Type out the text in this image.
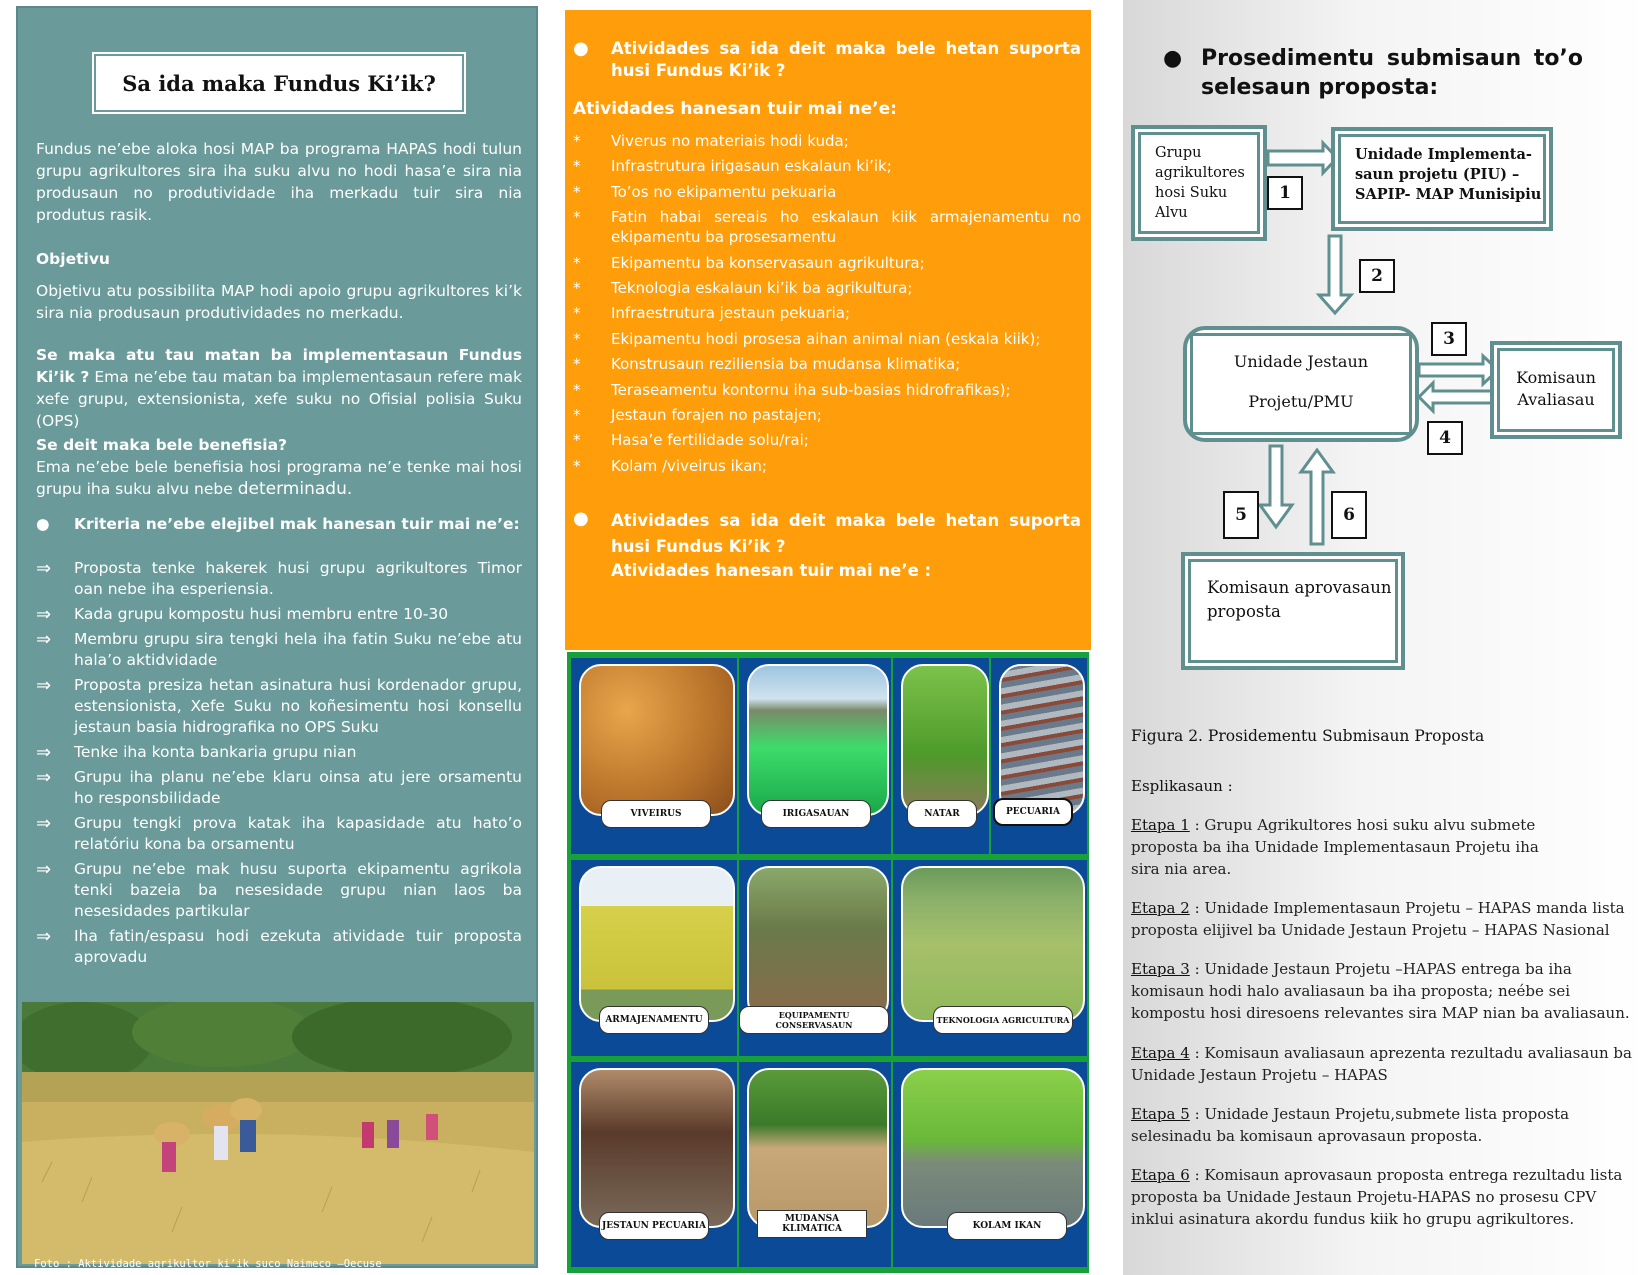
Sa ida maka Fundus Ki’ik?

Fundus ne’ebe aloka hosi MAP ba programa HAPAS hodi tulun grupu agrikultores sira iha suku alvu no hodi hasa’e sira nia produsaun no produtividade iha merkadu tuir sira nia produtus rasik.

Objetivu

Objetivu atu possibilita MAP hodi apoio grupu agrikultores ki’k sira nia produsaun produtividades no merkadu.

Se maka atu tau matan ba implementasaun Fundus Ki’ik ? Ema ne’ebe tau matan ba implementasaun refere mak xefe grupu, extensionista, xefe suku no Ofisial polisia Suku (OPS)

Se deit maka bele benefisia?

Ema ne’ebe bele benefisia hosi programa ne’e tenke mai hosi grupu iha suku alvu nebe determinadu.

● Kriteria ne’ebe elejibel mak hanesan tuir mai ne’e:

⇒ Proposta tenke hakerek husi grupu agrikultores Timor oan nebe iha esperiensia.
⇒ Kada grupu kompostu husi membru entre 10-30
⇒ Membru grupu sira tengki hela iha fatin Suku ne’ebe atu hala’o aktidvidade
⇒ Proposta presiza hetan asinatura husi kordenador grupu, estensionista, Xefe Suku no koñesimentu hosi konsellu jestaun basia hidrografika no OPS Suku
⇒ Tenke iha konta bankaria grupu nian
⇒ Grupu iha planu ne’ebe klaru oinsa atu jere orsamentu ho responsbilidade
⇒ Grupu tengki prova katak iha kapasidade atu hato’o relatóriu kona ba orsamentu
⇒ Grupu ne’ebe mak husu suporta ekipamentu agrikola tenki bazeia ba nesesidade grupu nian laos ba nesesidades partikular
⇒ Iha fatin/espasu hodi ezekuta atividade tuir proposta aprovadu
Foto : Aktividade agrikultor ki’ik suco Naimeco –Oecuse
●	Atividades sa ida deit maka bele hetan suporta husi Fundus Ki’ik ?
Atividades hanesan tuir mai ne’e:
* Viverus no materiais hodi kuda;
* Infrastrutura irigasaun eskalaun ki’ik;
* To’os no ekipamentu pekuaria
* Fatin habai sereais ho eskalaun kiik armajenamentu no ekipamentu ba prosesamentu
* Ekipamentu ba konservasaun agrikultura;
* Teknologia eskalaun ki’ik ba agrikultura;
* Infraestrutura jestaun pekuaria;
* Ekipamentu hodi prosesa aihan animal nian (eskala kiik);
* Konstrusaun reziliensia ba mudansa klimatika;
* Teraseamentu kontornu iha sub-basias hidrofrafikas);
* Jestaun forajen no pastajen;
* Hasa’e fertilidade solu/rai;
* Kolam /viveirus ikan;
●	Atividades sa ida deit maka bele hetan suporta husi Fundus Ki’ik ?
Atividades hanesan tuir mai ne’e :
VIVEIRUS	IRIGASAUAN	NATAR	PECUARIA
ARMAJENAMENTU	EQUIPAMENTU CONSERVASAUN	TEKNOLOGIA AGRICULTURA
JESTAUN PECUARIA
MUDANSA KLIMATICA	KOLAM IKAN
● Prosedimentu submisaun to’o selesaun proposta:
Grupu agrikultores hosi Suku Alvu
Unidade Implementa-saun projetu (PIU) – SAPIP- MAP Munisipiu
Unidade Jestaun
Projetu/PMU
Komisaun Avaliasau
Komisaun aprovasaun proposta
1
2
3
4
5	6
Figura 2. Prosidementu Submisaun Proposta
Esplikasaun :
Etapa 1 : Grupu Agrikultores hosi suku alvu submete proposta ba iha Unidade Implementasaun Projetu iha sira nia area.
Etapa 2 : Unidade Implementasaun Projetu – HAPAS manda lista proposta elijivel ba Unidade Jestaun Projetu – HAPAS Nasional
Etapa 3 : Unidade Jestaun Projetu –HAPAS entrega ba iha komisaun hodi halo avaliasaun ba iha proposta; neébe sei kompostu hosi diresoens relevantes sira MAP nian ba avaliasaun.
Etapa 4 : Komisaun avaliasaun aprezenta rezultadu avaliasaun ba Unidade Jestaun Projetu – HAPAS
Etapa 5 : Unidade Jestaun Projetu,submete lista proposta selesinadu ba komisaun aprovasaun proposta.
Etapa 6 : Komisaun aprovasaun proposta entrega rezultadu lista proposta ba Unidade Jestaun Projetu-HAPAS no prosesu CPV inklui asinatura akordu fundus kiik ho grupu agrikultores.
